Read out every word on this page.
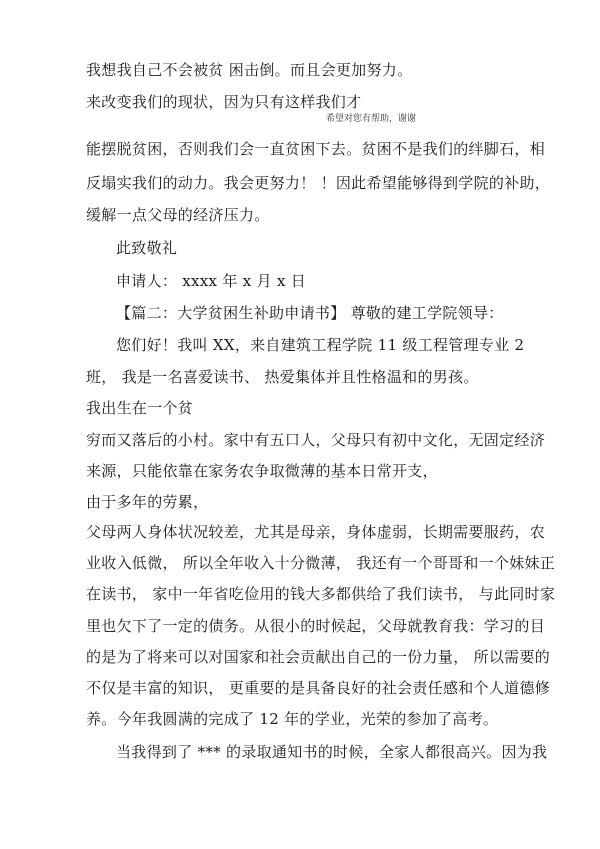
我想我自己不会被贫 困击倒。而且会更加努力。
来改变我们的现状，因为只有这样我们才
希望对您有帮助，谢谢
能摆脱贫困，否则我们会一直贫困下去。贫困不是我们的绊脚石，相
反塌实我们的动力。我会更努力！ ！因此希望能够得到学院的补助，
缓解一点父母的经济压力。
此致敬礼
申请人： xxxx 年 x 月 x 日
【篇二：大学贫困生补助申请书】 尊敬的建工学院领导：
您们好！我叫 XX，来自建筑工程学院 11 级工程管理专业 2
班， 我是一名喜爱读书、 热爱集体并且性格温和的男孩。
我出生在一个贫
穷而又落后的小村。家中有五口人，父母只有初中文化，无固定经济
来源，只能依靠在家务农争取微薄的基本日常开支，
由于多年的劳累，
父母两人身体状况较差，尤其是母亲，身体虚弱，长期需要服药，农
业收入低微， 所以全年收入十分微薄， 我还有一个哥哥和一个妹妹正
在读书， 家中一年省吃俭用的钱大多都供给了我们读书， 与此同时家
里也欠下了一定的债务。从很小的时候起，父母就教育我：学习的目
的是为了将来可以对国家和社会贡献出自己的一份力量， 所以需要的
不仅是丰富的知识， 更重要的是具备良好的社会责任感和个人道德修
养。今年我圆满的完成了 12 年的学业，光荣的参加了高考。
当我得到了 *** 的录取通知书的时候，全家人都很高兴。因为我
